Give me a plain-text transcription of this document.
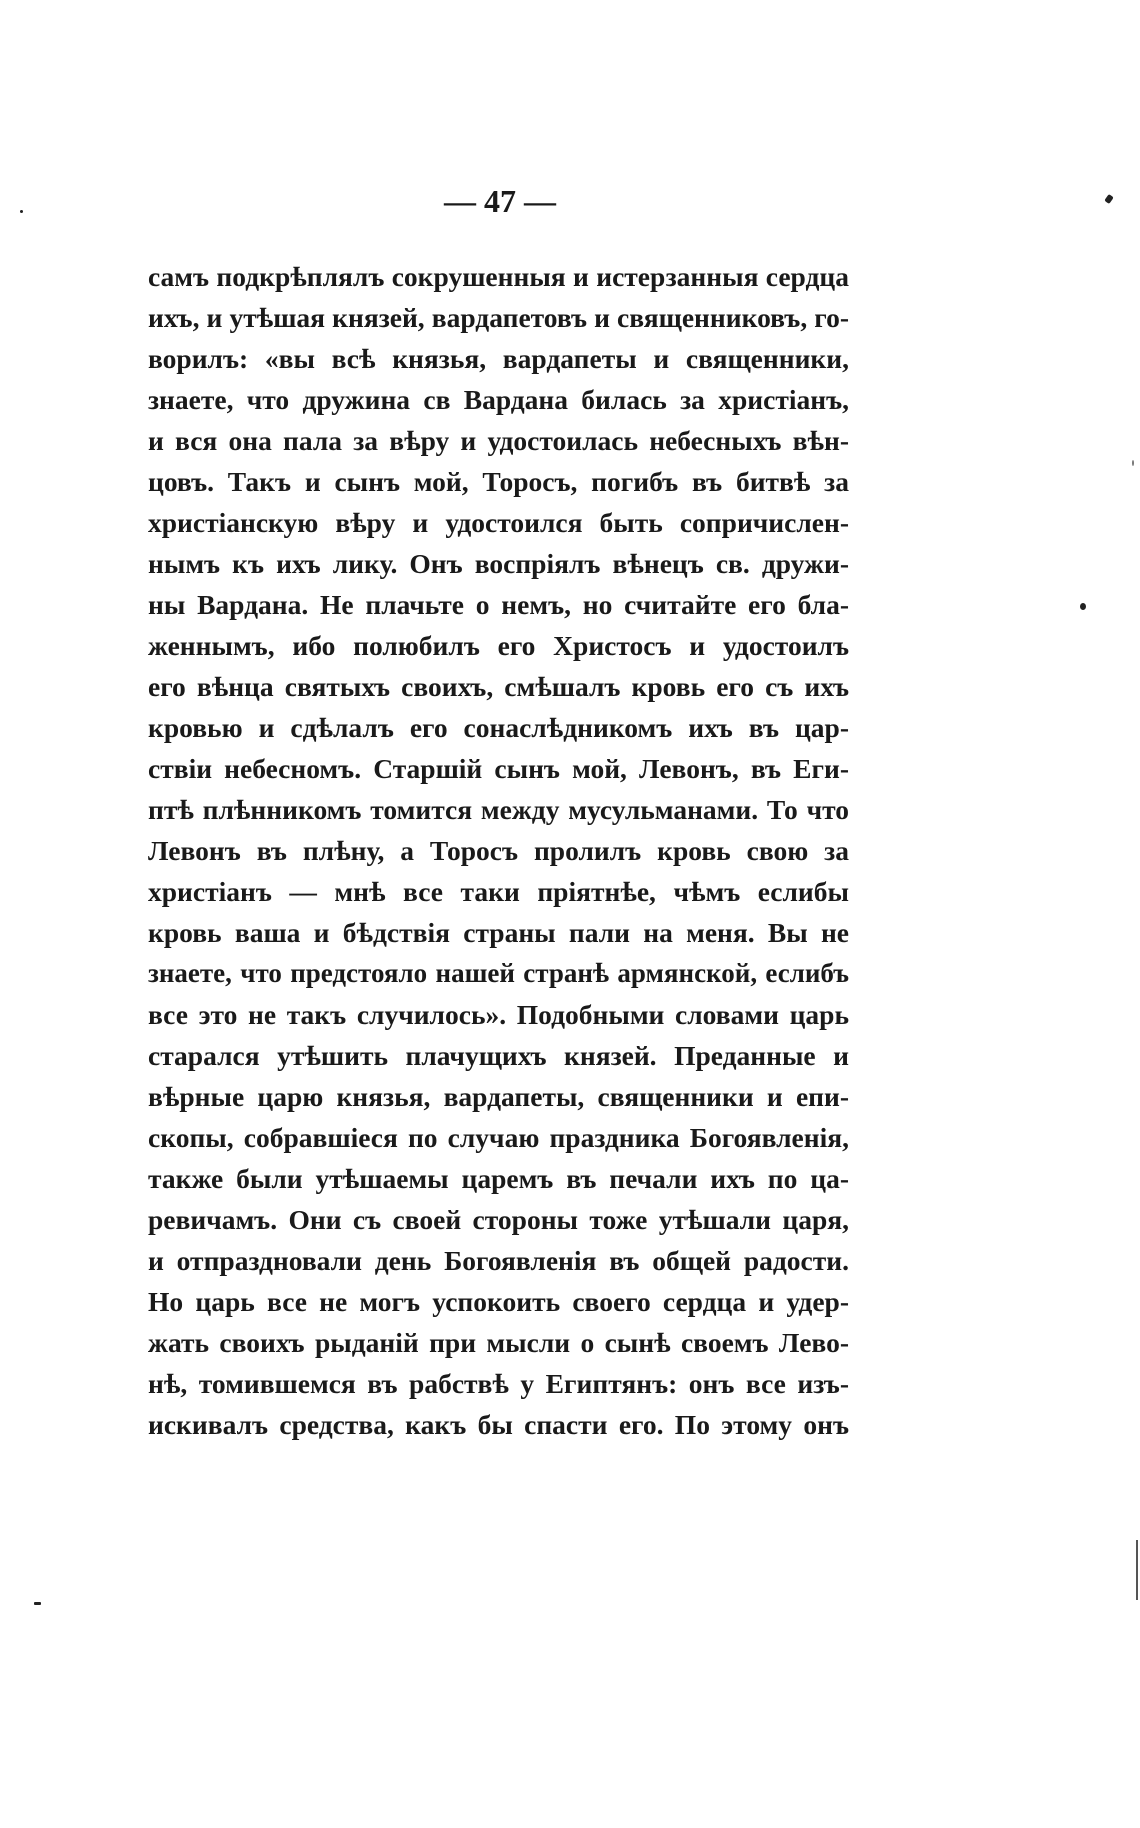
— 47 —
самъ подкрѣплялъ сокрушенныя и истерзанныя сердца
ихъ, и утѣшая князей, вардапетовъ и священниковъ, го-
ворилъ: «вы всѣ князья, вардапеты и священники,
знаете, что дружина св Вардана билась за христіанъ,
и вся она пала за вѣру и удостоилась небесныхъ вѣн-
цовъ. Такъ и сынъ мой, Торосъ, погибъ въ битвѣ за
христіанскую вѣру и удостоился быть сопричислен-
нымъ къ ихъ лику. Онъ воспріялъ вѣнецъ св. дружи-
ны Вардана. Не плачьте о немъ, но считайте его бла-
женнымъ, ибо полюбилъ его Христосъ и удостоилъ
его вѣнца святыхъ своихъ, смѣшалъ кровь его съ ихъ
кровью и сдѣлалъ его сонаслѣдникомъ ихъ въ цар-
ствіи небесномъ. Старшій сынъ мой, Левонъ, въ Еги-
птѣ плѣнникомъ томится между мусульманами. То что
Левонъ въ плѣну, а Торосъ пролилъ кровь свою за
христіанъ — мнѣ все таки пріятнѣе, чѣмъ еслибы
кровь ваша и бѣдствія страны пали на меня. Вы не
знаете, что предстояло нашей странѣ армянской, еслибъ
все это не такъ случилось». Подобными словами царь
старался утѣшить плачущихъ князей. Преданные и
вѣрные царю князья, вардапеты, священники и епи-
скопы, собравшіеся по случаю праздника Богоявленія,
также были утѣшаемы царемъ въ печали ихъ по ца-
ревичамъ. Они съ своей стороны тоже утѣшали царя,
и отпраздновали день Богоявленія въ общей радости.
Но царь все не могъ успокоить своего сердца и удер-
жать своихъ рыданій при мысли о сынѣ своемъ Лево-
нѣ, томившемся въ рабствѣ у Египтянъ: онъ все изъ-
искивалъ средства, какъ бы спасти его. По этому онъ
